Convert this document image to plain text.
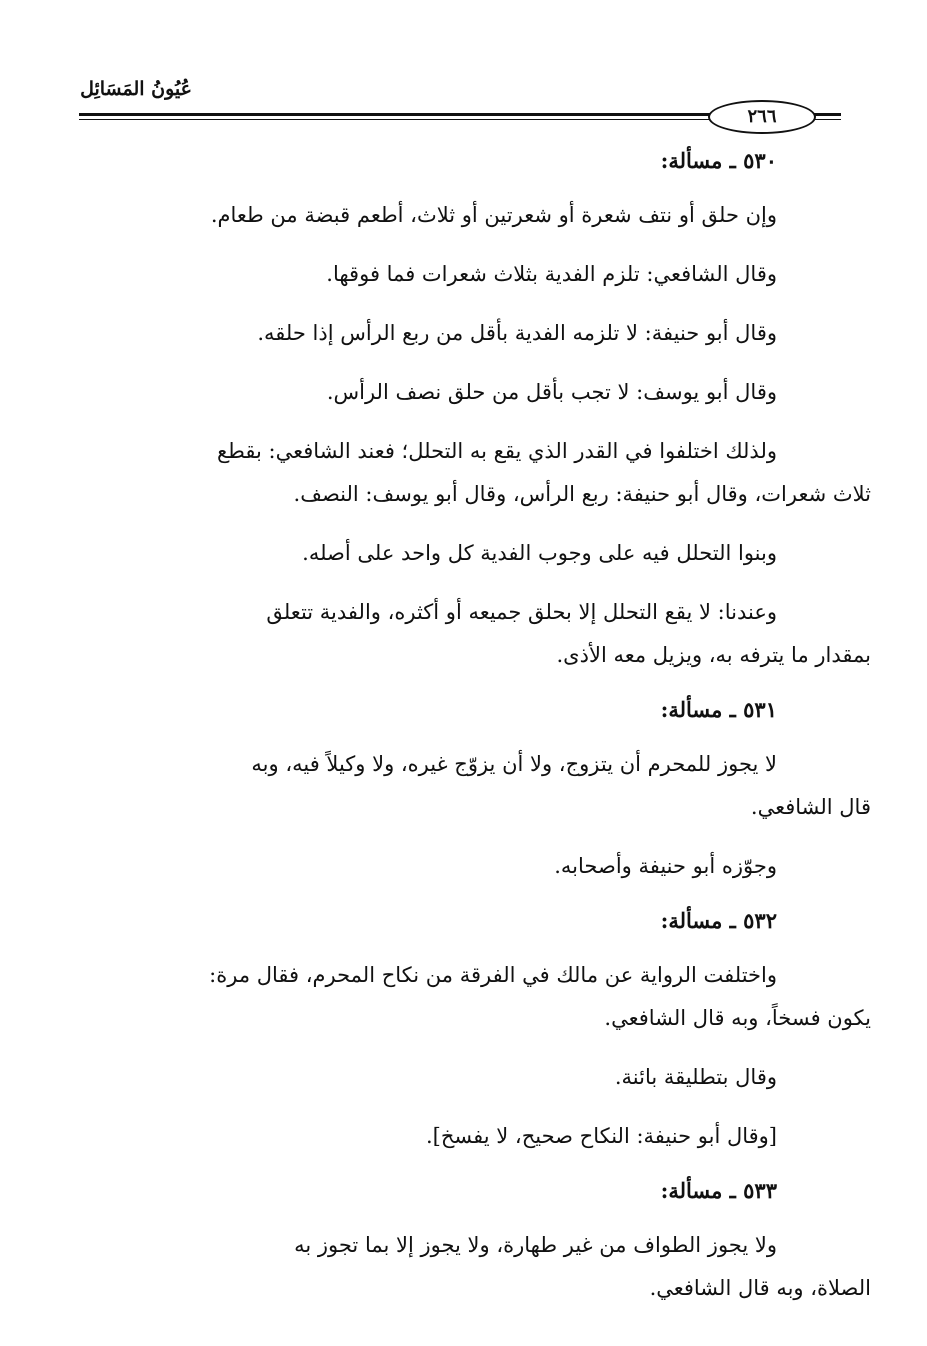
عُيُونُ المَسَائِل
٢٦٦
٥٣٠ ـ مسألة:

وإن حلق أو نتف شعرة أو شعرتين أو ثلاث، أطعم قبضة من طعام.

وقال الشافعي: تلزم الفدية بثلاث شعرات فما فوقها.

وقال أبو حنيفة: لا تلزمه الفدية بأقل من ربع الرأس إذا حلقه.

وقال أبو يوسف: لا تجب بأقل من حلق نصف الرأس.

ولذلك اختلفوا في القدر الذي يقع به التحلل؛ فعند الشافعي: بقطع

ثلاث شعرات، وقال أبو حنيفة: ربع الرأس، وقال أبو يوسف: النصف.

وبنوا التحلل فيه على وجوب الفدية كل واحد على أصله.

وعندنا: لا يقع التحلل إلا بحلق جميعه أو أكثره، والفدية تتعلق

بمقدار ما يترفه به، ويزيل معه الأذى.

٥٣١ ـ مسألة:

لا يجوز للمحرم أن يتزوج، ولا أن يزوّج غيره، ولا وكيلاً فيه، وبه

قال الشافعي.

وجوّزه أبو حنيفة وأصحابه.

٥٣٢ ـ مسألة:

واختلفت الرواية عن مالك في الفرقة من نكاح المحرم، فقال مرة:

يكون فسخاً، وبه قال الشافعي.

وقال بتطليقة بائنة.

[وقال أبو حنيفة: النكاح صحيح، لا يفسخ].

٥٣٣ ـ مسألة:

ولا يجوز الطواف من غير طهارة، ولا يجوز إلا بما تجوز به

الصلاة، وبه قال الشافعي.
